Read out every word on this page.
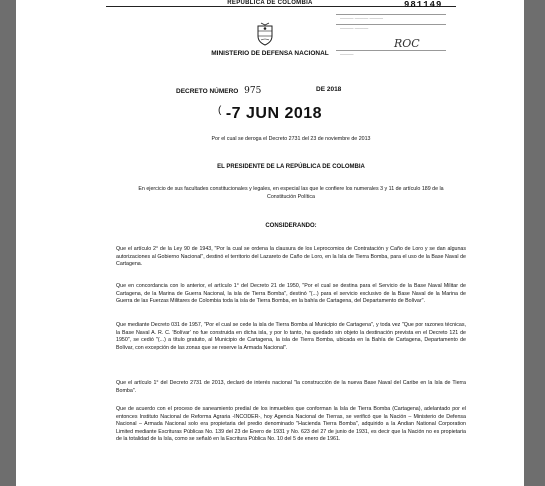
REPÚBLICA DE COLOMBIA
MINISTERIO DE DEFENSA NACIONAL
981149
——— ——— ———
——— ———
ROC
———
DECRETO NÚMERO 975	DE 2018
( -7 JUN 2018
Por el cual se deroga el Decreto 2731 del 23 de noviembre de 2013
EL PRESIDENTE DE LA REPÚBLICA DE COLOMBIA
En ejercicio de sus facultades constitucionales y legales, en especial las que le confiere los numerales 3 y 11 de artículo 189 de la Constitución Política
CONSIDERANDO:
Que el artículo 2° de la Ley 90 de 1943, "Por la cual se ordena la clausura de los Leprocomios de Contratación y Caño de Loro y se dan algunas autorizaciones al Gobierno Nacional", destinó el territorio del Lazareto de Caño de Loro, en la Isla de Tierra Bomba, para el uso de la Base Naval de Cartagena.
Que en concordancia con lo anterior, el artículo 1° del Decreto 21 de 1950, "Por el cual se destina para el Servicio de la Base Naval Militar de Cartagena, de la Marina de Guerra Nacional, la isla de Tierra Bomba", destinó "(...) para el servicio exclusivo de la Base Naval de la Marina de Guerra de las Fuerzas Militares de Colombia toda la isla de Tierra Bomba, en la bahía de Cartagena, del Departamento de Bolívar".
Que mediante Decreto 031 de 1957, "Por el cual se cede la isla de Tierra Bomba al Municipio de Cartagena", y toda vez "Que por razones técnicas, la Base Naval A. R. C. 'Bolívar' no fue construida en dicha isla, y por lo tanto, ha quedado sin objeto la destinación prevista en el Decreto 121 de 1950", se cedió "(...) a título gratuito, al Municipio de Cartagena, la isla de Tierra Bomba, ubicada en la Bahía de Cartagena, Departamento de Bolívar, con excepción de las zonas que se reserve la Armada Nacional".
Que el artículo 1° del Decreto 2731 de 2013, declaró de interés nacional "la construcción de la nueva Base Naval del Caribe en la Isla de Tierra Bomba".
Que de acuerdo con el proceso de saneamiento predial de los inmuebles que conforman la Isla de Tierra Bomba (Cartagena), adelantado por el entonces Instituto Nacional de Reforma Agraria -INCODER-, hoy Agencia Nacional de Tierras, se verificó que la Nación – Ministerio de Defensa Nacional – Armada Nacional solo era propietaria del predio denominado "Hacienda Tierra Bomba", adquirido a la Andian National Corporation Limited mediante Escrituras Públicas No. 139 del 23 de Enero de 1931 y No. 623 del 27 de junio de 1931, es decir que la Nación no es propietaria de la totalidad de la Isla, como se señaló en la Escritura Pública No. 10 del 5 de enero de 1961.
